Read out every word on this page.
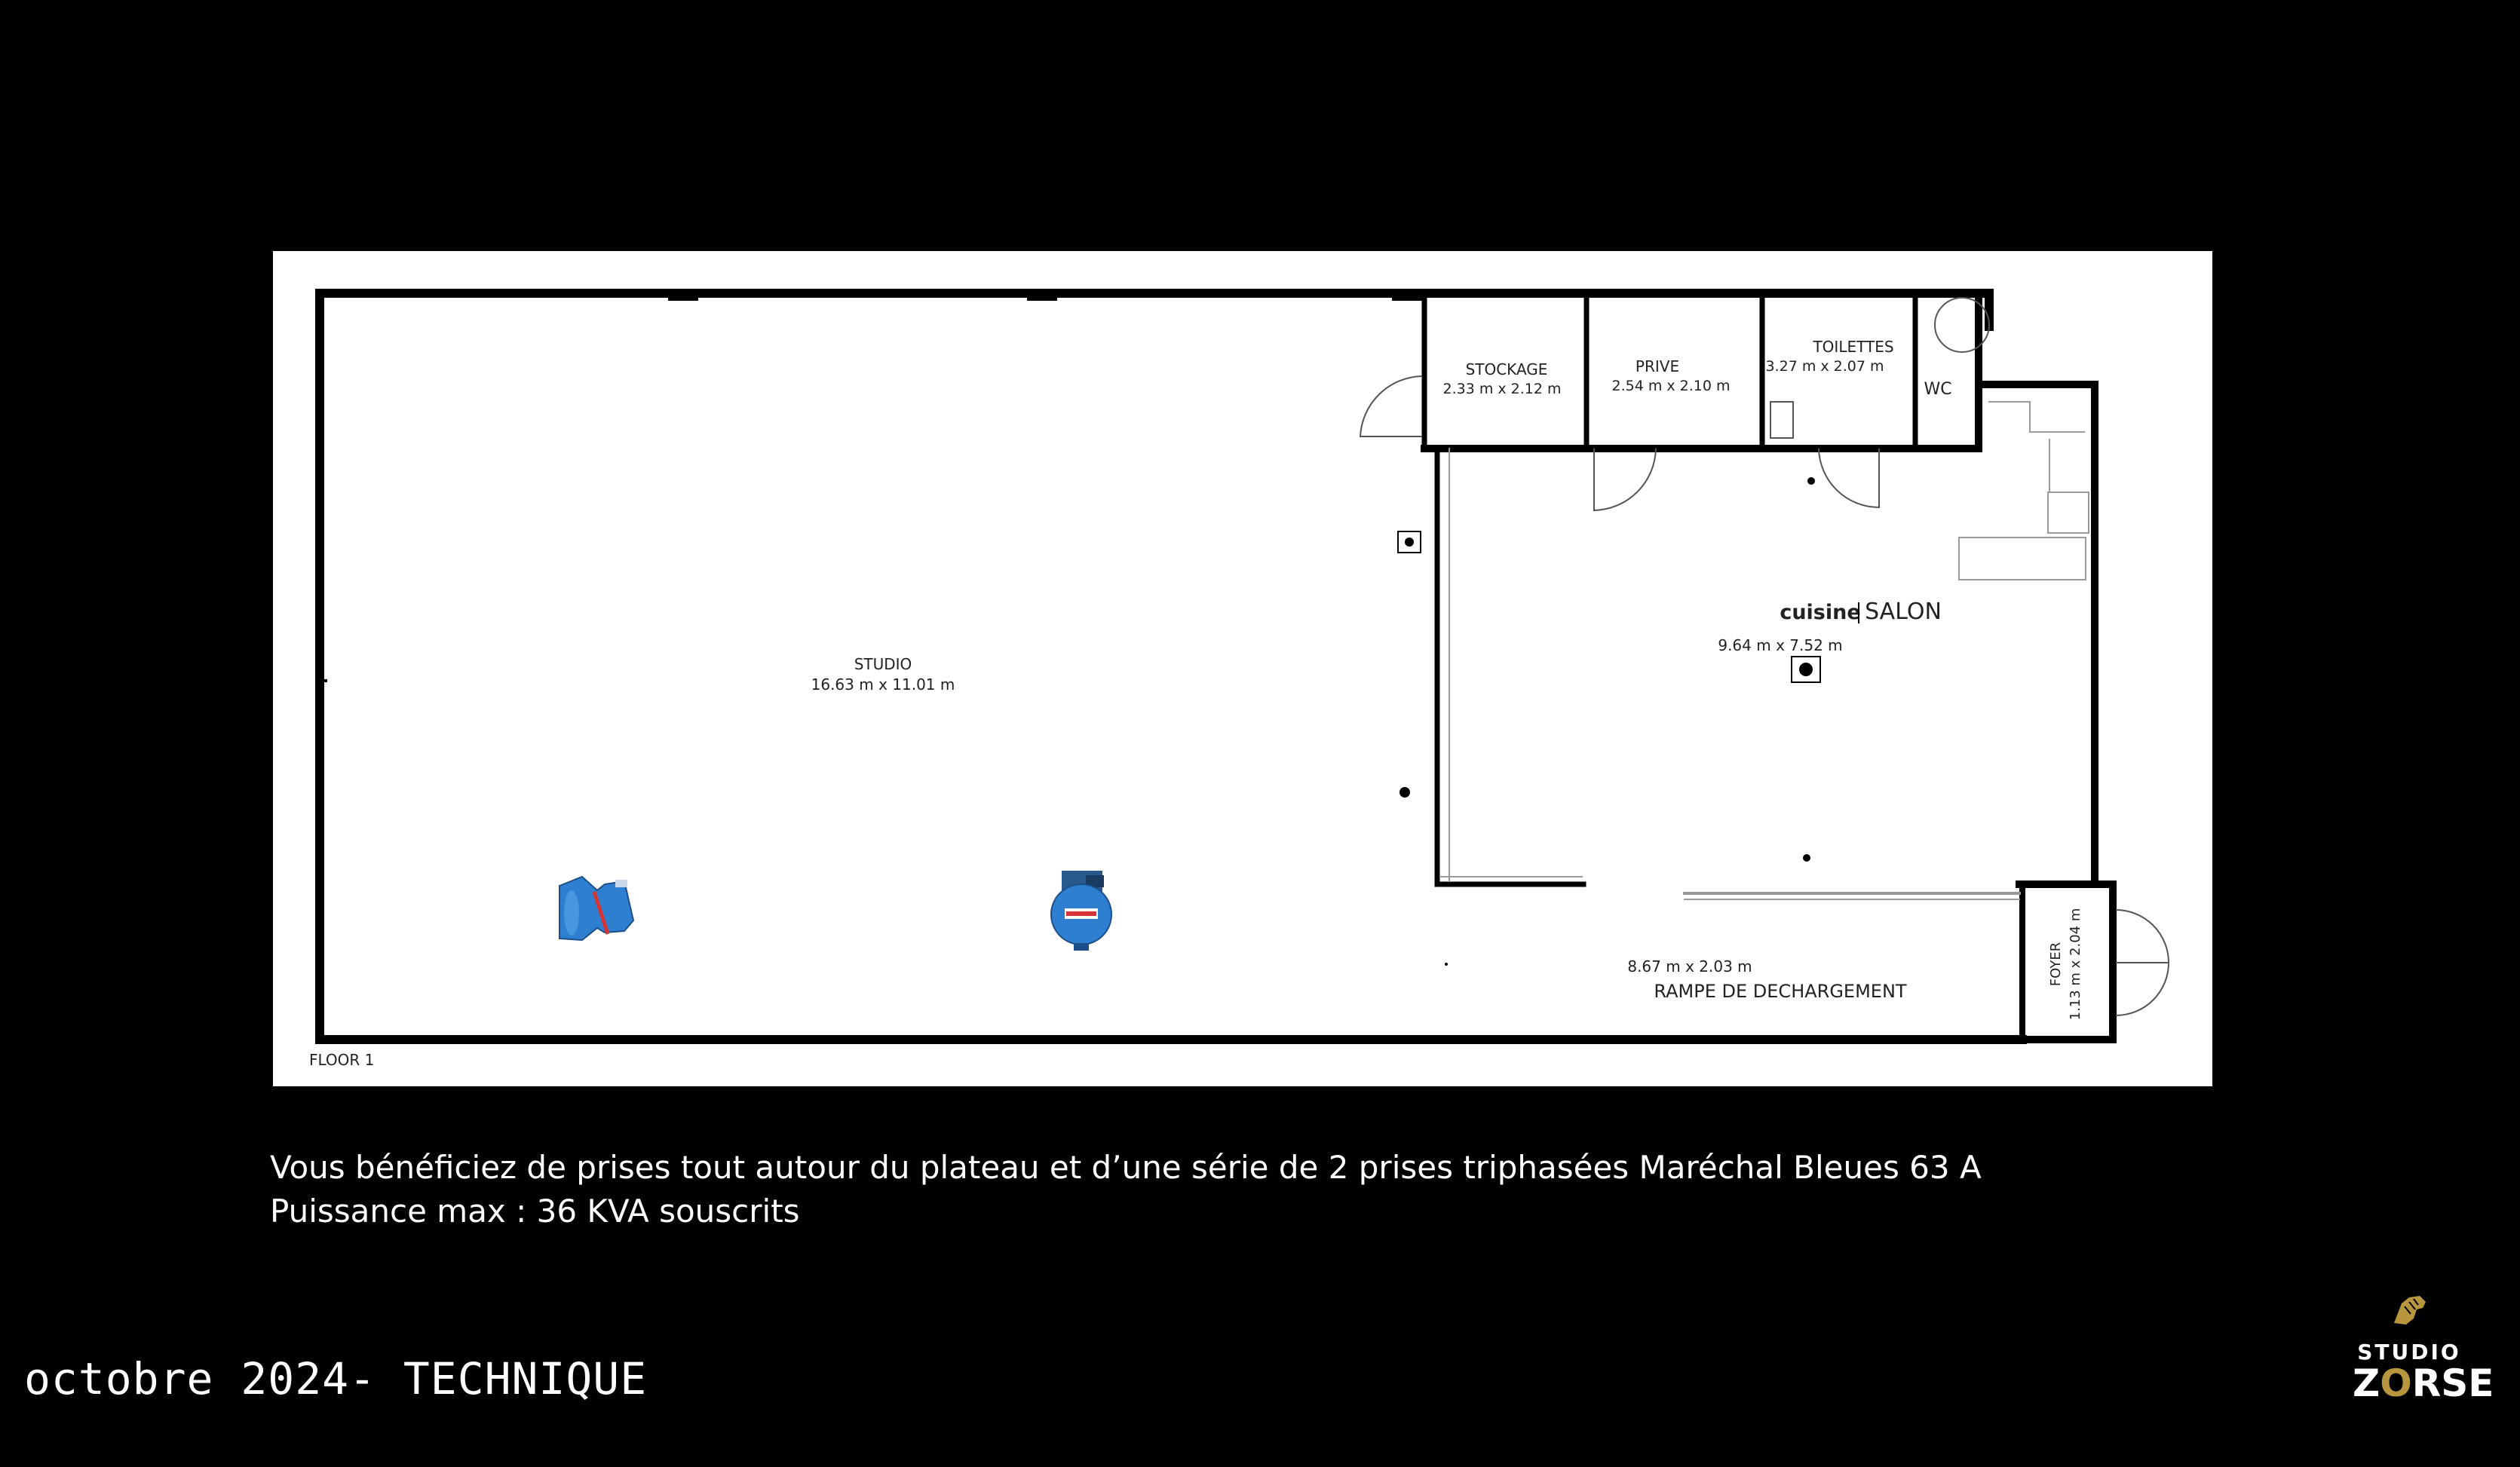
STUDIO
16.63 m x 11.01 m
STOCKAGE
2.33 m x 2.12 m
PRIVE
2.54 m x 2.10 m
TOILETTES
3.27 m x 2.07 m
WC
cuisine SALON
9.64 m x 7.52 m
8.67 m x 2.03 m
RAMPE DE DECHARGEMENT
FOYER 1.13 m x 2.04 m
FLOOR 1
Vous bénéficiez de prises tout autour du plateau et d’une série de 2 prises triphasées Maréchal Bleues 63 A
Puissance max : 36 KVA souscrits
octobre 2024- TECHNIQUE
STUDIO
ZORSE
